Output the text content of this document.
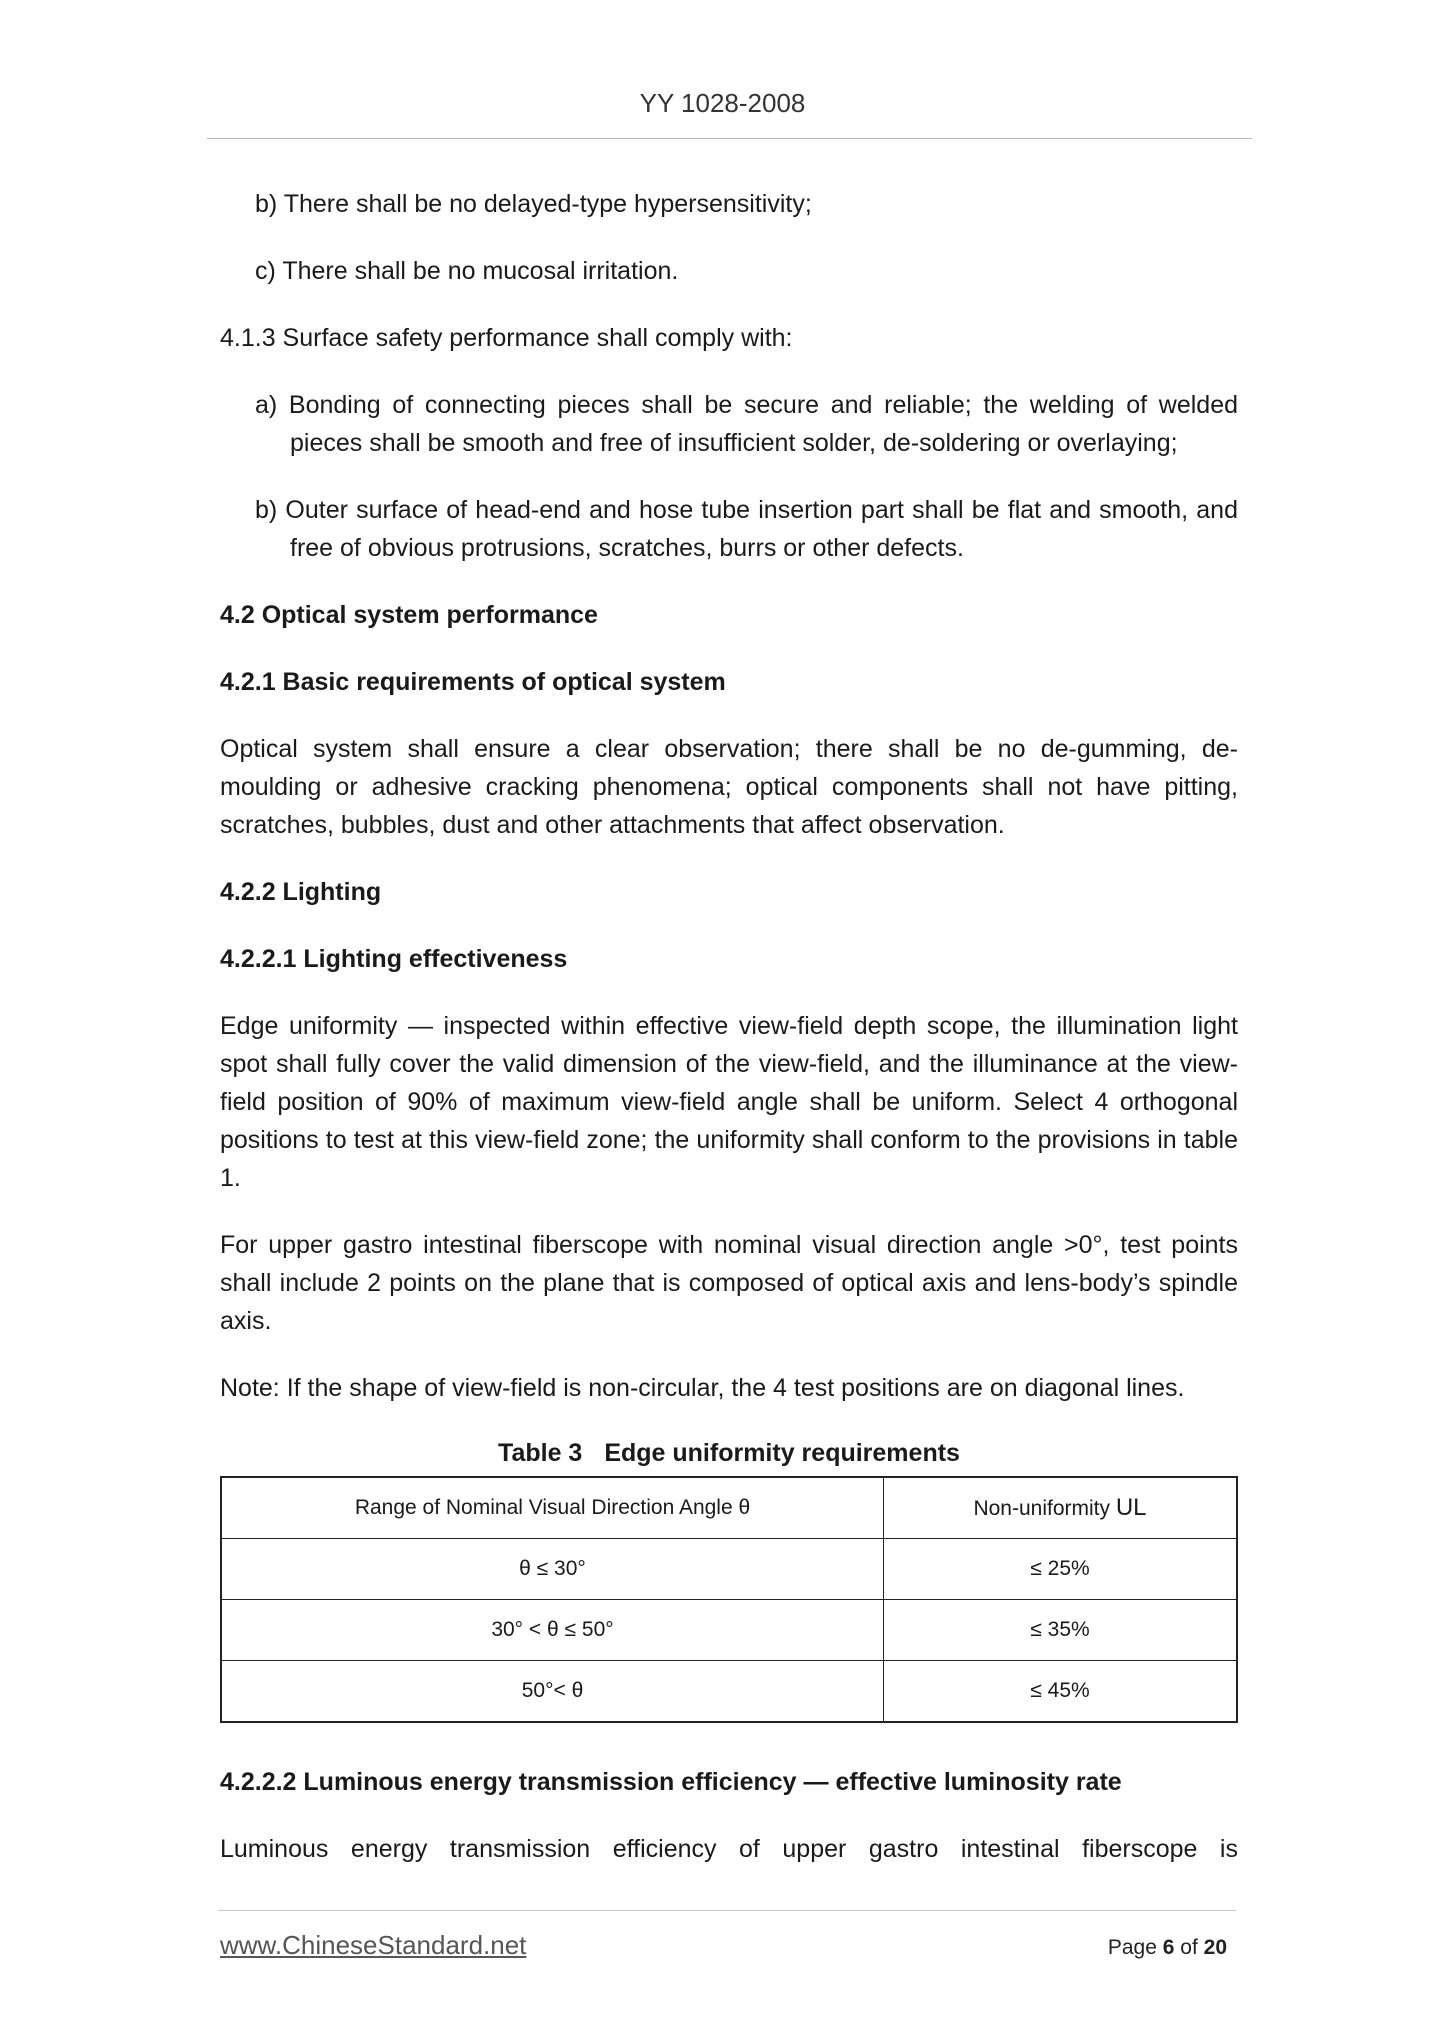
YY 1028-2008

b) There shall be no delayed-type hypersensitivity;

c) There shall be no mucosal irritation.

4.1.3 Surface safety performance shall comply with:

a) Bonding of connecting pieces shall be secure and reliable; the welding of welded pieces shall be smooth and free of insufficient solder, de-soldering or overlaying;

b) Outer surface of head-end and hose tube insertion part shall be flat and smooth, and free of obvious protrusions, scratches, burrs or other defects.

4.2 Optical system performance

4.2.1 Basic requirements of optical system

Optical system shall ensure a clear observation; there shall be no de-gumming, de-moulding or adhesive cracking phenomena; optical components shall not have pitting, scratches, bubbles, dust and other attachments that affect observation.

4.2.2 Lighting

4.2.2.1 Lighting effectiveness

Edge uniformity — inspected within effective view-field depth scope, the illumination light spot shall fully cover the valid dimension of the view-field, and the illuminance at the view-field position of 90% of maximum view-field angle shall be uniform. Select 4 orthogonal positions to test at this view-field zone; the uniformity shall conform to the provisions in table 1.

For upper gastro intestinal fiberscope with nominal visual direction angle >0°, test points shall include 2 points on the plane that is composed of optical axis and lens-body’s spindle axis.

Note: If the shape of view-field is non-circular, the 4 test positions are on diagonal lines.

Table 3 Edge uniformity requirements

Range of Nominal Visual Direction Angle θ	Non-uniformity UL
θ ≤ 30°	≤ 25%
30° < θ ≤ 50°	≤ 35%
50°< θ	≤ 45%

4.2.2.2 Luminous energy transmission efficiency — effective luminosity rate

Luminous energy transmission efficiency of upper gastro intestinal fiberscope is

www.ChineseStandard.net	Page 6 of 20
